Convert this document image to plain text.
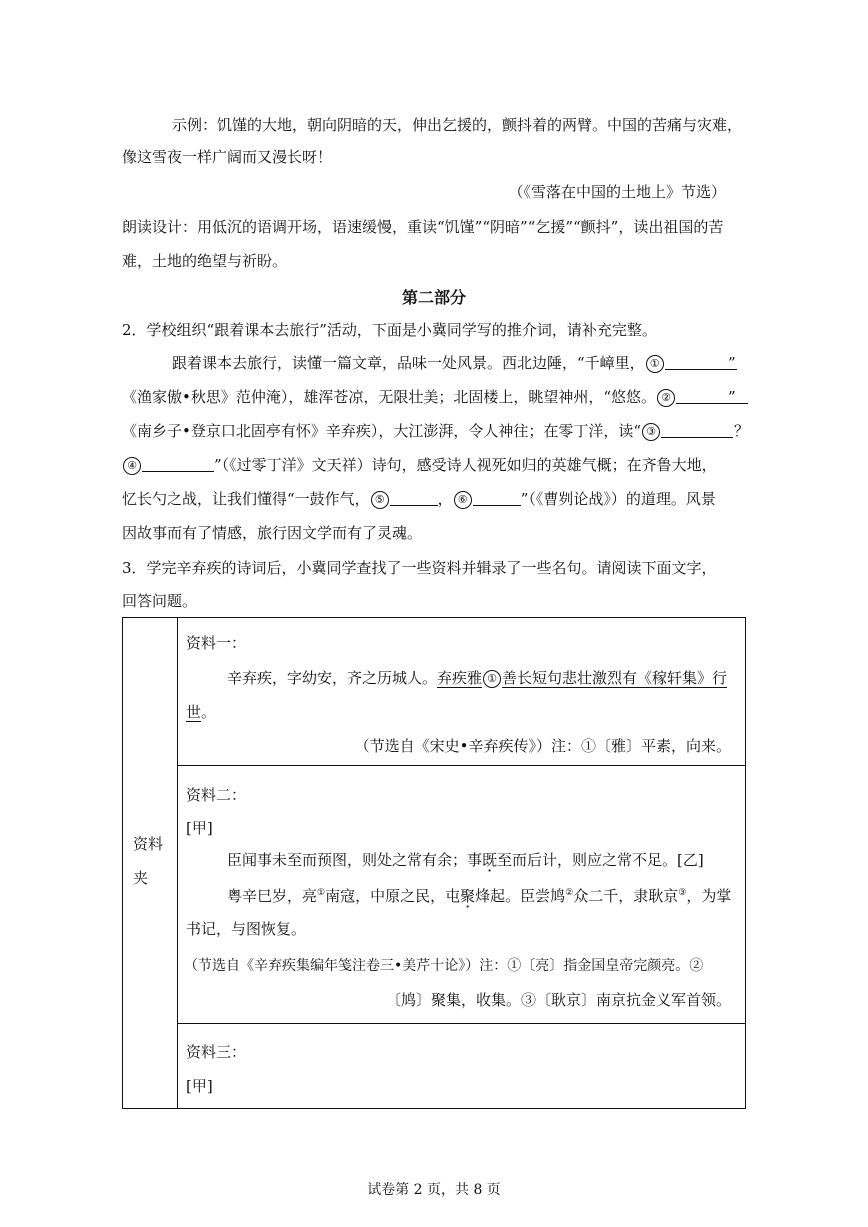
示例：饥馑的大地，朝向阴暗的天，伸出乞援的，颤抖着的两臂。中国的苦痛与灾难，
像这雪夜一样广阔而又漫长呀！
（《雪落在中国的土地上》节选）
朗读设计：用低沉的语调开场，语速缓慢，重读“饥馑”“阴暗”“乞援”“颤抖”，读出祖国的苦
难，土地的绝望与祈盼。
第二部分
2．学校组织“跟着课本去旅行”活动，下面是小冀同学写的推介词，请补充完整。
跟着课本去旅行，读懂一篇文章，品味一处风景。西北边陲，“千嶂里， ①	”
《渔家傲•秋思》范仲淹），雄浑苍凉，无限壮美；北固楼上，眺望神州，“悠悠。 ②	”
《南乡子•登京口北固亭有怀》辛弃疾），大江澎湃，令人神往；在零丁洋，读“ ③	？
④	”（《过零丁洋》文天祥）诗句，感受诗人视死如归的英雄气概；在齐鲁大地，
忆长勺之战，让我们懂得“一鼓作气， ⑤	， ⑥	”（《曹刿论战》）的道理。风景
因故事而有了情感，旅行因文学而有了灵魂。
3．学完辛弃疾的诗词后，小冀同学查找了一些资料并辑录了一些名句。请阅读下面文字，
回答问题。
资料
夹
资料一：
辛弃疾，字幼安，齐之历城人。弃疾雅 ① 善长短句悲壮激烈有《稼轩集》行
世。
（节选自《宋史•辛弃疾传》）注：①〔雅〕平素，向来。
资料二：
[甲]
臣闻事未至而预图，则处之常有余；事既至而后计，则应之常不足。[乙]
粤辛巳岁，亮①南寇，中原之民，屯聚烽起。臣尝鸠②众二千，隶耿京③，为掌
书记，与图恢复。
（节选自《辛弃疾集编年笺注卷三•美芹十论》）注：①〔亮〕指金国皇帝完颜亮。②
〔鸠〕聚集，收集。③〔耿京〕南京抗金义军首领。
资料三：
[甲]
试卷第 2 页，共 8 页
